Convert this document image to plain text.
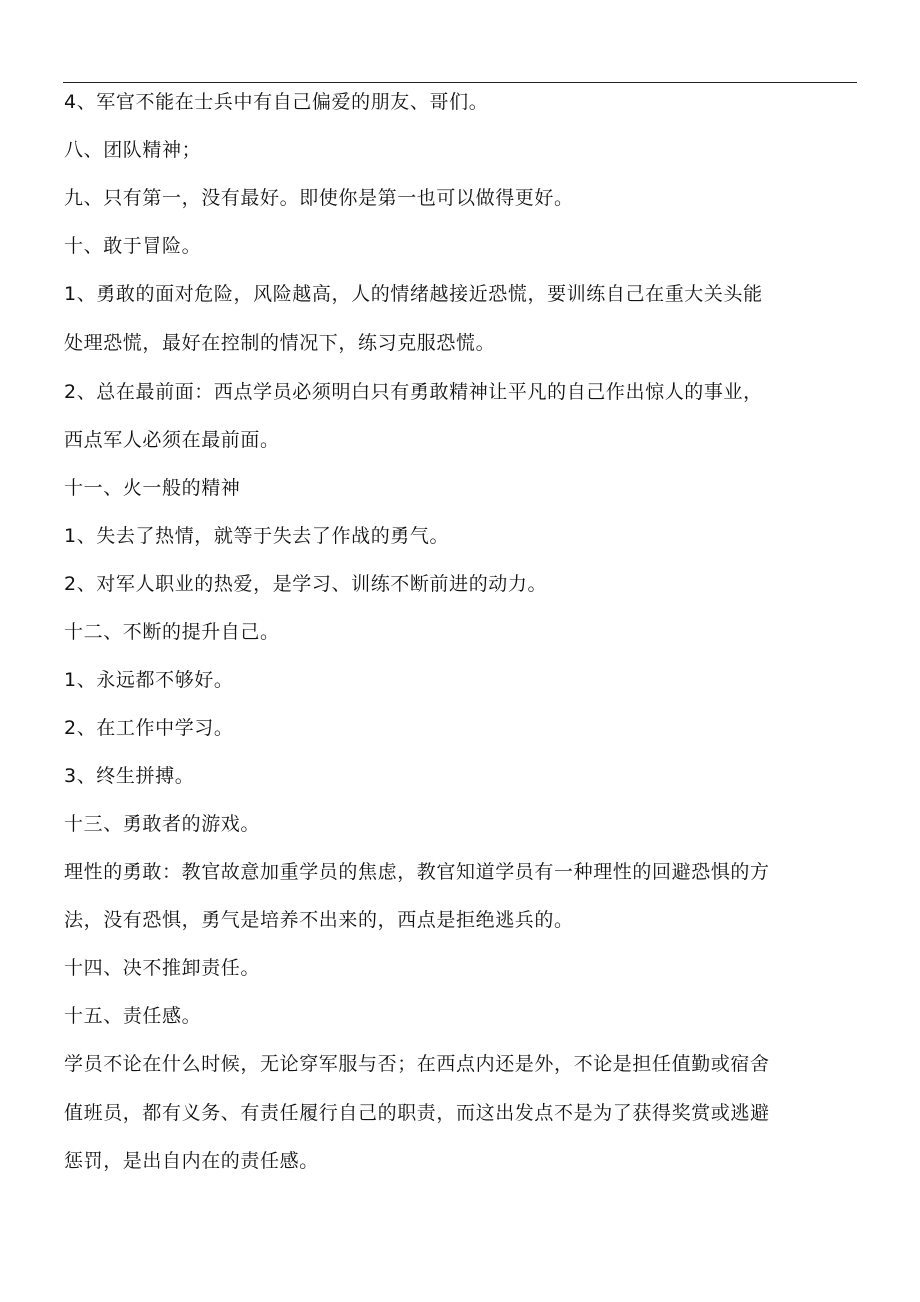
4、军官不能在士兵中有自己偏爱的朋友、哥们。
八、团队精神；
九、只有第一，没有最好。即使你是第一也可以做得更好。
十、敢于冒险。
1、勇敢的面对危险，风险越高，人的情绪越接近恐慌，要训练自己在重大关头能
处理恐慌，最好在控制的情况下，练习克服恐慌。
2、总在最前面：西点学员必须明白只有勇敢精神让平凡的自己作出惊人的事业，
西点军人必须在最前面。
十一、火一般的精神
1、失去了热情，就等于失去了作战的勇气。
2、对军人职业的热爱，是学习、训练不断前进的动力。
十二、不断的提升自己。
1、永远都不够好。
2、在工作中学习。
3、终生拼搏。
十三、勇敢者的游戏。
理性的勇敢：教官故意加重学员的焦虑，教官知道学员有一种理性的回避恐惧的方
法，没有恐惧，勇气是培养不出来的，西点是拒绝逃兵的。
十四、决不推卸责任。
十五、责任感。
学员不论在什么时候，无论穿军服与否；在西点内还是外，不论是担任值勤或宿舍
值班员，都有义务、有责任履行自己的职责，而这出发点不是为了获得奖赏或逃避
惩罚，是出自内在的责任感。
